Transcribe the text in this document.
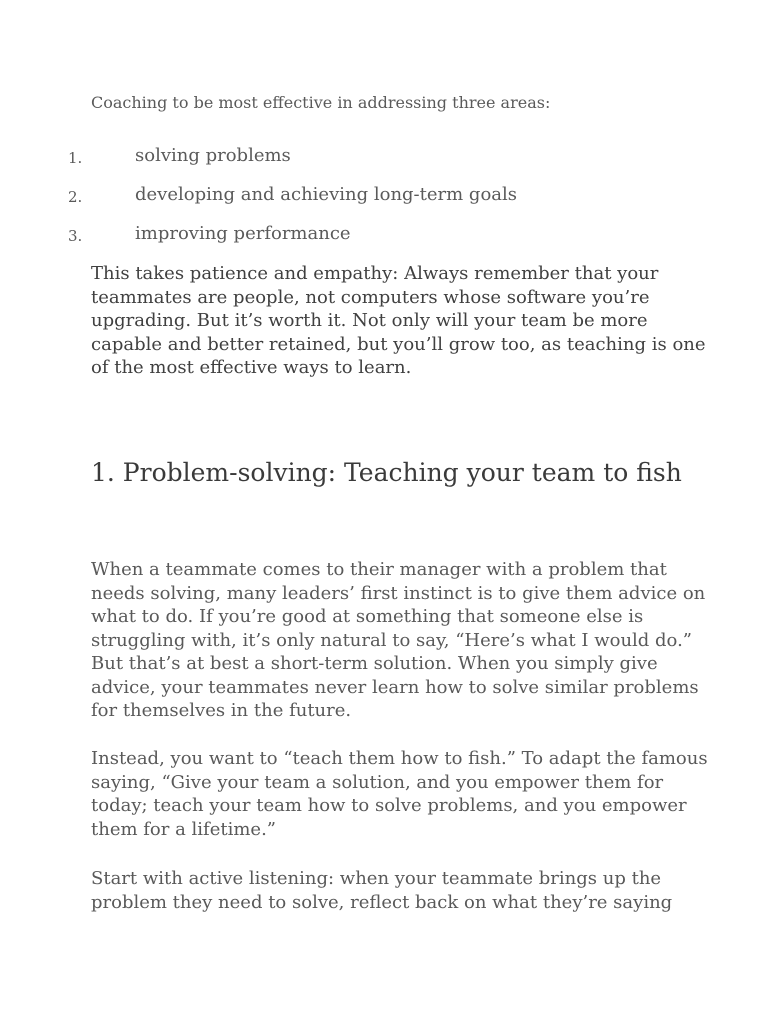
Coaching to be most effective in addressing three areas:

1.	solving problems
2.	developing and achieving long-term goals
3.	improving performance

This takes patience and empathy: Always remember that your
teammates are people, not computers whose software you’re
upgrading. But it’s worth it. Not only will your team be more
capable and better retained, but you’ll grow too, as teaching is one
of the most effective ways to learn.

1. Problem-solving: Teaching your team to fish

When a teammate comes to their manager with a problem that
needs solving, many leaders’ first instinct is to give them advice on
what to do. If you’re good at something that someone else is
struggling with, it’s only natural to say, “Here’s what I would do.”
But that’s at best a short-term solution. When you simply give
advice, your teammates never learn how to solve similar problems
for themselves in the future.

Instead, you want to “teach them how to fish.” To adapt the famous
saying, “Give your team a solution, and you empower them for
today; teach your team how to solve problems, and you empower
them for a lifetime.”

Start with active listening: when your teammate brings up the
problem they need to solve, reflect back on what they’re saying
